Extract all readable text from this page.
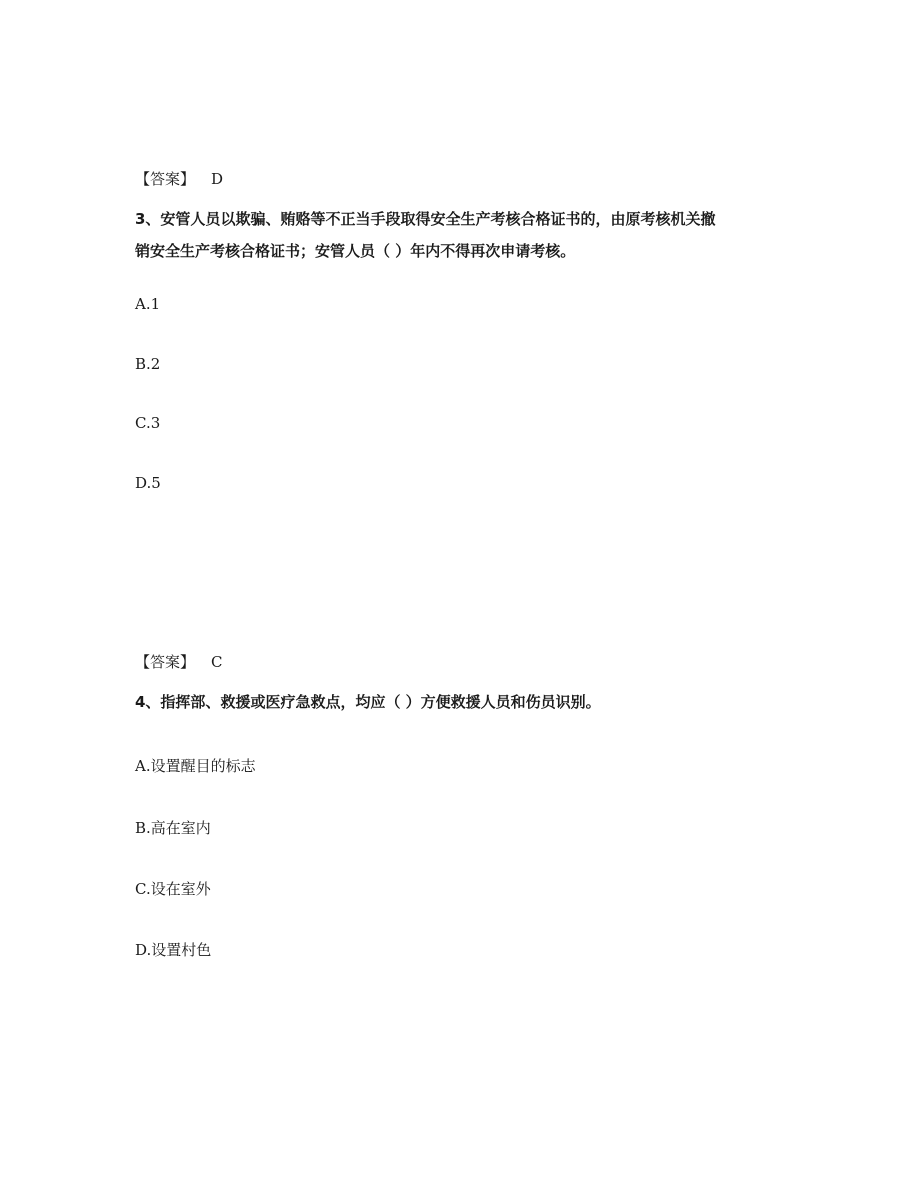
【答案】 D
3、安管人员以欺骗、贿赂等不正当手段取得安全生产考核合格证书的，由原考核机关撤
销安全生产考核合格证书；安管人员（ ）年内不得再次申请考核。
A.1
B.2
C.3
D.5
【答案】 C
4、指挥部、救援或医疗急救点，均应（ ）方便救援人员和伤员识别。
A.设置醒目的标志
B.高在室内
C.设在室外
D.设置村色
